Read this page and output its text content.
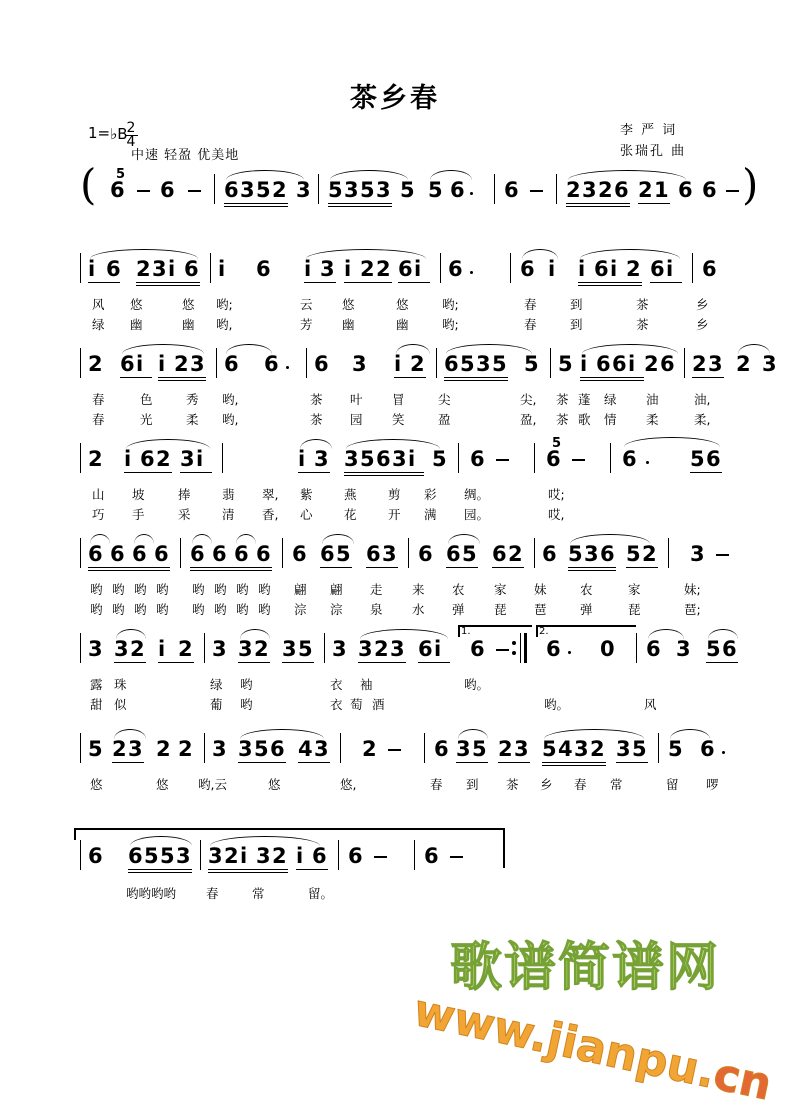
茶乡春
1=♭B 2
4
中速 轻盈 优美地
李 严 词
张瑞孔 曲
( 5
6 6 6 3 5 2 3 5 3 5 3 5 5 6 6 2 3 2 6 2 1 6 6 )
i 6 2 3 i 6 i 6 i 3 i 2 2 6 i 6	6 i i 6 i 2 6 i 6
风 悠	悠 哟;	云 悠	悠	哟;	春	到	茶	乡
绿 幽	幽 哟,	芳 幽	幽	哟;	春	到	茶	乡
2 6 i i 2 3 6 6 6 3 i 2 6 5 3 5 5 5 i 6 6 i 2 6 2 3 2 3
春	色	秀 哟,	茶 叶 冒	尖	尖, 茶 蓬 绿 油	油,
春	光	柔 哟,	茶 园 笑	盈	盈, 茶 歌 情 柔	柔,
2 i 6 2 3 i	i 3 3 5 6 3 i 5 6
5
6	6	5 6
山 坡	捧	翡 翠, 紫	燕	剪 彩 绸。	哎;
巧 手	采	清 香, 心	花	开 满 园。	哎,
6 6 6 6 6 6 6 6 6 6 5 6 3 6 6 5 6 2 6 5 3 6 5 2 3
哟 哟 哟 哟 哟 哟 哟 哟 翩 翩 走 来 农 家 妹	农	家	妹;
哟 哟 哟 哟 哟 哟 哟 哟 淙 淙 泉 水 弹 琵 琶	弹	琵	琶;
3 3 2 i 2 3 3 2 3 5 3 3 2 3 6 i
1.
6
2.
6 0 6 3 5 6
露 珠	绿 哟	衣 袖	哟。
甜 似	葡 哟	衣 萄 酒	哟。	风
5 2 3 2 2 3 3 5 6 4 3 2	6 3 5 2 3 5 4 3 2 3 5 5 6
悠	悠 哟,云	悠	悠,	春 到 茶 乡 春 常	留 啰
6 6 5 5 3 3 2 i 3 2 i 6 6	6
哟哟哟哟 春	常	留。
歌谱简谱网
www.jianpu.cn
